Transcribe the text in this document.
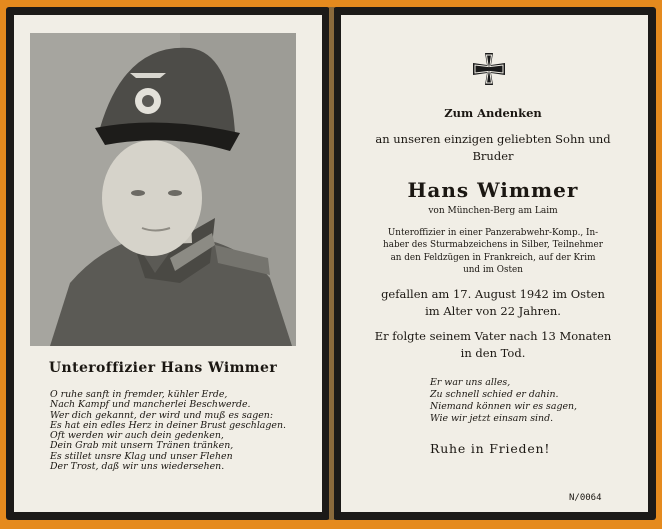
Unteroffizier Hans Wimmer
O ruhe sanft in fremder, kühler Erde,
Nach Kampf und mancherlei Beschwerde.
Wer dich gekannt, der wird und muß es sagen:
Es hat ein edles Herz in deiner Brust geschlagen.
Oft werden wir auch dein gedenken,
Dein Grab mit unsern Tränen tränken,
Es stillet unsre Klag und unser Flehen
Der Trost, daß wir uns wiedersehen.
Zum Andenken
an unseren einzigen geliebten Sohn und
Bruder
Hans Wimmer
von München-Berg am Laim
Unteroffizier in einer Panzerabwehr-Komp., In-
haber des Sturmabzeichens in Silber, Teilnehmer
an den Feldzügen in Frankreich, auf der Krim
und im Osten
gefallen am 17. August 1942 im Osten
im Alter von 22 Jahren.
Er folgte seinem Vater nach 13 Monaten
in den Tod.
Er war uns alles,
Zu schnell schied er dahin.
Niemand können wir es sagen,
Wie wir jetzt einsam sind.
Ruhe in Frieden!
N/0064
